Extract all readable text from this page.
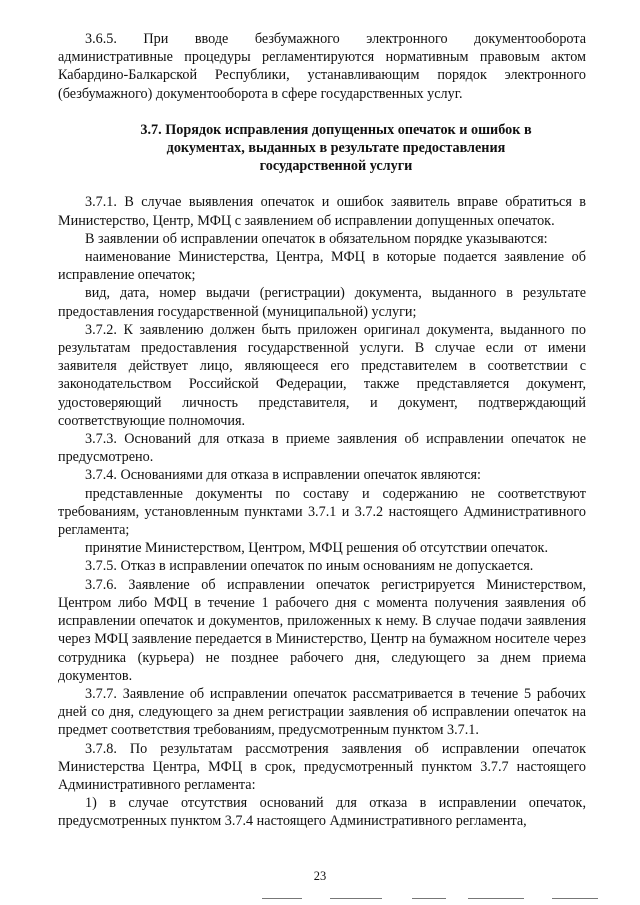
3.6.5. При вводе безбумажного электронного документооборота административные процедуры регламентируются нормативным правовым актом Кабардино-Балкарской Республики, устанавливающим порядок электронного (безбумажного) документооборота в сфере государственных услуг.

3.7. Порядок исправления допущенных опечаток и ошибок в документах, выданных в результате предоставления государственной услуги

3.7.1. В случае выявления опечаток и ошибок заявитель вправе обратиться в Министерство, Центр, МФЦ с заявлением об исправлении допущенных опечаток.

В заявлении об исправлении опечаток в обязательном порядке указываются:

наименование Министерства, Центра, МФЦ в которые подается заявление об исправление опечаток;

вид, дата, номер выдачи (регистрации) документа, выданного в результате предоставления государственной (муниципальной) услуги;

3.7.2. К заявлению должен быть приложен оригинал документа, выданного по результатам предоставления государственной услуги. В случае если от имени заявителя действует лицо, являющееся его представителем в соответствии с законодательством Российской Федерации, также представляется документ, удостоверяющий личность представителя, и документ, подтверждающий соответствующие полномочия.

3.7.3. Оснований для отказа в приеме заявления об исправлении опечаток не предусмотрено.

3.7.4. Основаниями для отказа в исправлении опечаток являются:

представленные документы по составу и содержанию не соответствуют требованиям, установленным пунктами 3.7.1 и 3.7.2 настоящего Административного регламента;

принятие Министерством, Центром, МФЦ решения об отсутствии опечаток.

3.7.5. Отказ в исправлении опечаток по иным основаниям не допускается.

3.7.6. Заявление об исправлении опечаток регистрируется Министерством, Центром либо МФЦ в течение 1 рабочего дня с момента получения заявления об исправлении опечаток и документов, приложенных к нему. В случае подачи заявления через МФЦ заявление передается в Министерство, Центр на бумажном носителе через сотрудника (курьера) не позднее рабочего дня, следующего за днем приема документов.

3.7.7. Заявление об исправлении опечаток рассматривается в течение 5 рабочих дней со дня, следующего за днем регистрации заявления об исправлении опечаток на предмет соответствия требованиям, предусмотренным пунктом 3.7.1.

3.7.8. По результатам рассмотрения заявления об исправлении опечаток Министерства Центра, МФЦ в срок, предусмотренный пунктом 3.7.7 настоящего Административного регламента:

1) в случае отсутствия оснований для отказа в исправлении опечаток, предусмотренных пунктом 3.7.4 настоящего Административного регламента,

23
